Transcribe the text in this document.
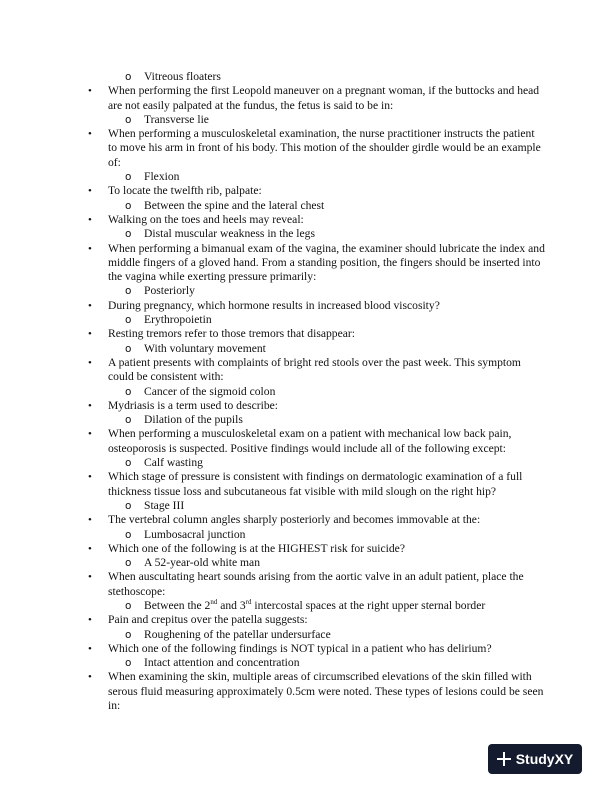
o Vitreous floaters
• When performing the first Leopold maneuver on a pregnant woman, if the buttocks and head are not easily palpated at the fundus, the fetus is said to be in:
o Transverse lie
• When performing a musculoskeletal examination, the nurse practitioner instructs the patient to move his arm in front of his body. This motion of the shoulder girdle would be an example of:
o Flexion
• To locate the twelfth rib, palpate:
o Between the spine and the lateral chest
• Walking on the toes and heels may reveal:
o Distal muscular weakness in the legs
• When performing a bimanual exam of the vagina, the examiner should lubricate the index and middle fingers of a gloved hand. From a standing position, the fingers should be inserted into the vagina while exerting pressure primarily:
o Posteriorly
• During pregnancy, which hormone results in increased blood viscosity?
o Erythropoietin
• Resting tremors refer to those tremors that disappear:
o With voluntary movement
• A patient presents with complaints of bright red stools over the past week. This symptom could be consistent with:
o Cancer of the sigmoid colon
• Mydriasis is a term used to describe:
o Dilation of the pupils
• When performing a musculoskeletal exam on a patient with mechanical low back pain, osteoporosis is suspected. Positive findings would include all of the following except:
o Calf wasting
• Which stage of pressure is consistent with findings on dermatologic examination of a full thickness tissue loss and subcutaneous fat visible with mild slough on the right hip?
o Stage III
• The vertebral column angles sharply posteriorly and becomes immovable at the:
o Lumbosacral junction
• Which one of the following is at the HIGHEST risk for suicide?
o A 52-year-old white man
• When auscultating heart sounds arising from the aortic valve in an adult patient, place the stethoscope:
o Between the 2nd and 3rd intercostal spaces at the right upper sternal border
• Pain and crepitus over the patella suggests:
o Roughening of the patellar undersurface
• Which one of the following findings is NOT typical in a patient who has delirium?
o Intact attention and concentration
• When examining the skin, multiple areas of circumscribed elevations of the skin filled with serous fluid measuring approximately 0.5cm were noted. These types of lesions could be seen in:
StudyXY
